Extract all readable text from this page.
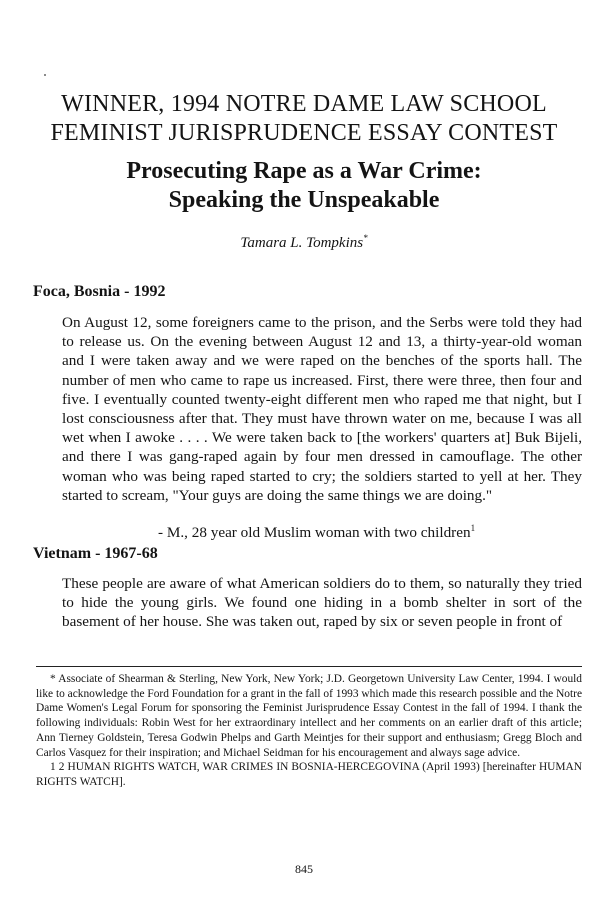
WINNER, 1994 NOTRE DAME LAW SCHOOL
FEMINIST JURISPRUDENCE ESSAY CONTEST
Prosecuting Rape as a War Crime:
Speaking the Unspeakable
Tamara L. Tompkins*
Foca, Bosnia - 1992

On August 12, some foreigners came to the prison, and the Serbs were told they had to release us. On the evening between August 12 and 13, a thirty-year-old woman and I were taken away and we were raped on the benches of the sports hall. The number of men who came to rape us increased. First, there were three, then four and five. I eventually counted twenty-eight different men who raped me that night, but I lost consciousness after that. They must have thrown water on me, because I was all wet when I awoke . . . . We were taken back to [the workers' quarters at] Buk Bijeli, and there I was gang-raped again by four men dressed in camouflage. The other woman who was being raped started to cry; the soldiers started to yell at her. They started to scream, "Your guys are doing the same things we are doing."

- M., 28 year old Muslim woman with two children$^1$
Vietnam - 1967-68

These people are aware of what American soldiers do to them, so naturally they tried to hide the young girls. We found one hiding in a bomb shelter in sort of the basement of her house. She was taken out, raped by six or seven people in front of

* Associate of Shearman & Sterling, New York, New York; J.D. Georgetown University Law Center, 1994. I would like to acknowledge the Ford Foundation for a grant in the fall of 1993 which made this research possible and the Notre Dame Women's Legal Forum for sponsoring the Feminist Jurisprudence Essay Contest in the fall of 1994. I thank the following individuals: Robin West for her extraordinary intellect and her comments on an earlier draft of this article; Ann Tierney Goldstein, Teresa Godwin Phelps and Garth Meintjes for their support and enthusiasm; Gregg Bloch and Carlos Vasquez for their inspiration; and Michael Seidman for his encouragement and always sage advice.

1 2 HUMAN RIGHTS WATCH, WAR CRIMES IN BOSNIA-HERCEGOVINA (April 1993) [hereinafter HUMAN RIGHTS WATCH].

845
